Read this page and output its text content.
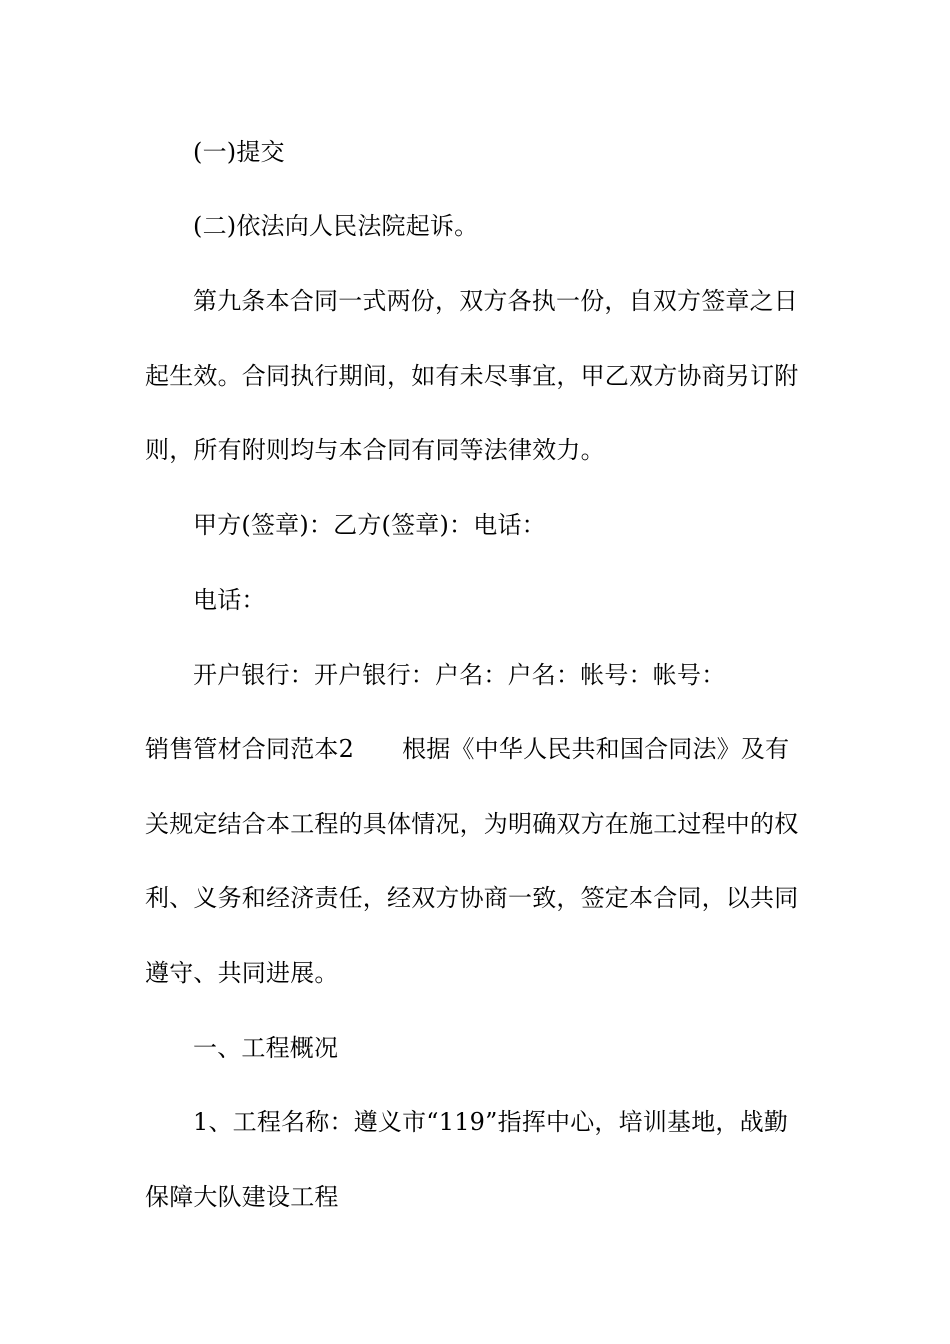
(一)提交
(二)依法向人民法院起诉。
第九条本合同一式两份，双方各执一份，自双方签章之日
起生效。合同执行期间，如有未尽事宜，甲乙双方协商另订附
则，所有附则均与本合同有同等法律效力。
甲方(签章)：乙方(签章)：电话：
电话：
开户银行：开户银行：户名：户名：帐号：帐号：
销售管材合同范本2 根据《中华人民共和国合同法》及有
关规定结合本工程的具体情况，为明确双方在施工过程中的权
利、义务和经济责任，经双方协商一致，签定本合同，以共同
遵守、共同进展。
一、工程概况
1、工程名称：遵义市“119”指挥中心，培训基地，战勤
保障大队建设工程
